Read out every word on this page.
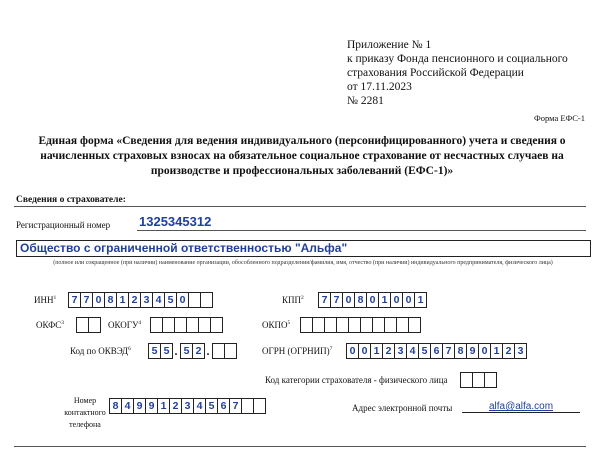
Приложение № 1
к приказу Фонда пенсионного и социального
страхования Российской Федерации
от 17.11.2023
№ 2281
Форма ЕФС-1
Единая форма «Сведения для ведения индивидуального (персонифицированного) учета и сведения о начисленных страховых взносах на обязательное социальное страхование от несчастных случаев на производстве и профессиональных заболеваний (ЕФС-1)»
Сведения о страхователе:
Регистрационный номер 1325345312
Общество с ограниченной ответственностью "Альфа"
(полное или сокращенное (при наличии) наименование организации, обособленного подразделения/фамилия, имя, отчество (при наличии) индивидуального предпринимателя, физического лица)
ИНН$^1$	7 7 0 8 1 2 3 4 5 0	КПП$^2$	7 7 0 8 0 1 0 0 1
ОКФС$^3$	ОКОГУ$^4$	ОКПО$^5$
Код по ОКВЭД$^6$	5 5 . 5 2 .	ОГРН (ОГРНИП)$^7$	0 0 1 2 3 4 5 6 7 8 9 0 1 2 3
Код категории страхователя - физического лица
Номер контактного телефона
8 4 9 9 1 2 3 4 5 6 7	Адрес электронной почты	alfa@alfa.com
